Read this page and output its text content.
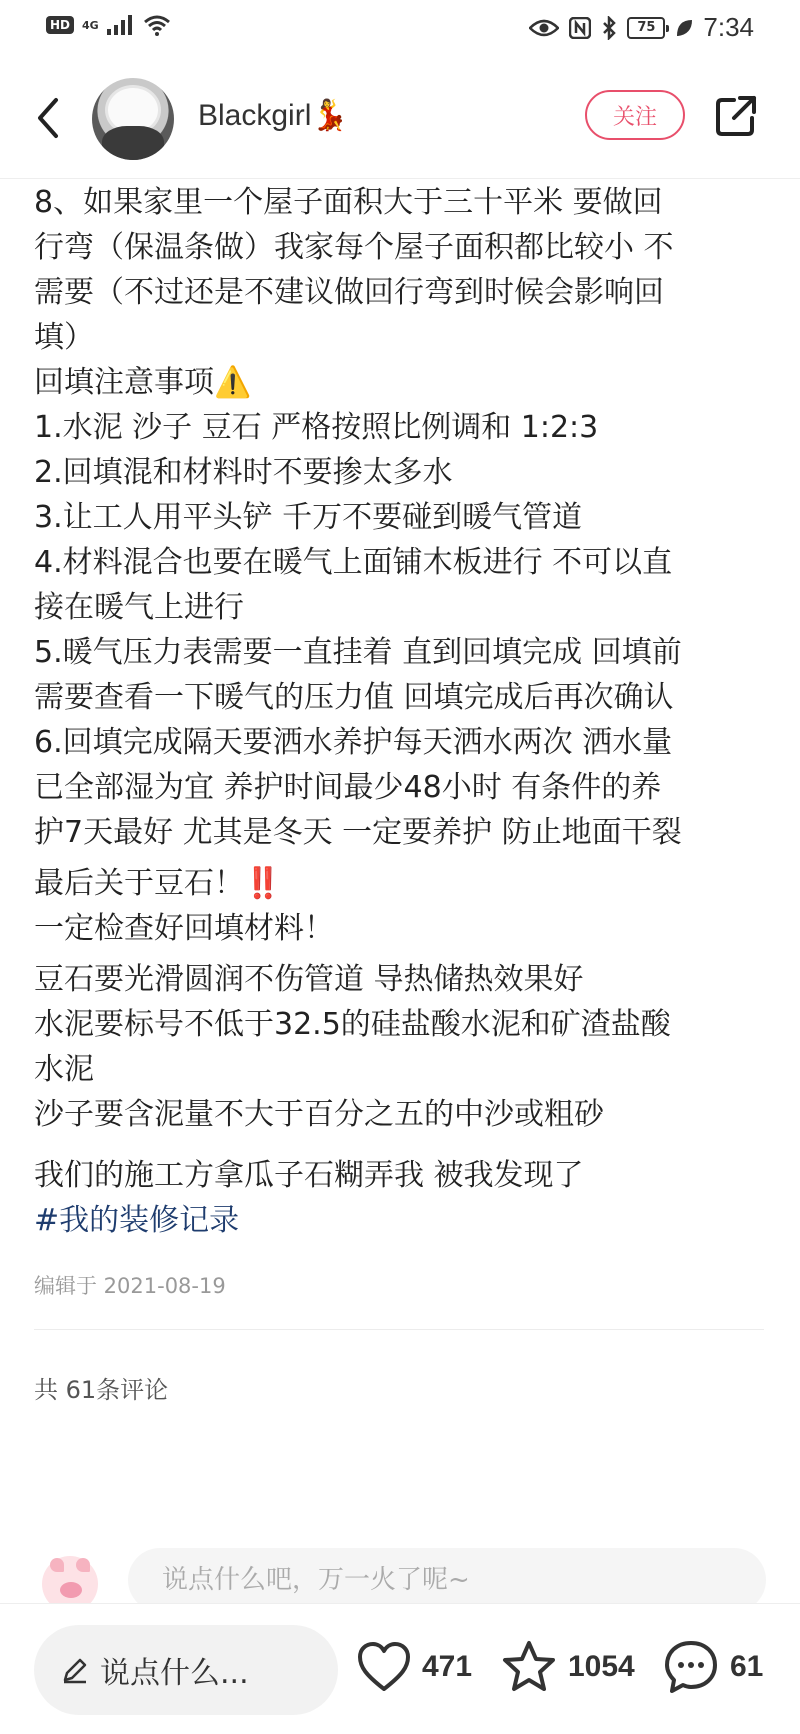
HD	4G	75 7:34
Blackgirl💃	关注
8、如果家里一个屋子面积大于三十平米 要做回
行弯（保温条做）我家每个屋子面积都比较小 不
需要（不过还是不建议做回行弯到时候会影响回
填）
回填注意事项⚠️
1.水泥 沙子 豆石 严格按照比例调和 1:2:3
2.回填混和材料时不要掺太多水
3.让工人用平头铲 千万不要碰到暖气管道
4.材料混合也要在暖气上面铺木板进行 不可以直
接在暖气上进行
5.暖气压力表需要一直挂着 直到回填完成 回填前
需要查看一下暖气的压力值 回填完成后再次确认
6.回填完成隔天要洒水养护每天洒水两次 洒水量
已全部湿为宜 养护时间最少48小时 有条件的养
护7天最好 尤其是冬天 一定要养护 防止地面干裂
最后关于豆石！‼️
一定检查好回填材料！
豆石要光滑圆润不伤管道 导热储热效果好
水泥要标号不低于32.5的硅盐酸水泥和矿渣盐酸
水泥
沙子要含泥量不大于百分之五的中沙或粗砂
我们的施工方拿瓜子石糊弄我 被我发现了
#我的装修记录
编辑于 2021-08-19
共 61条评论
说点什么吧，万一火了呢~
说点什么...	471	1054	61
